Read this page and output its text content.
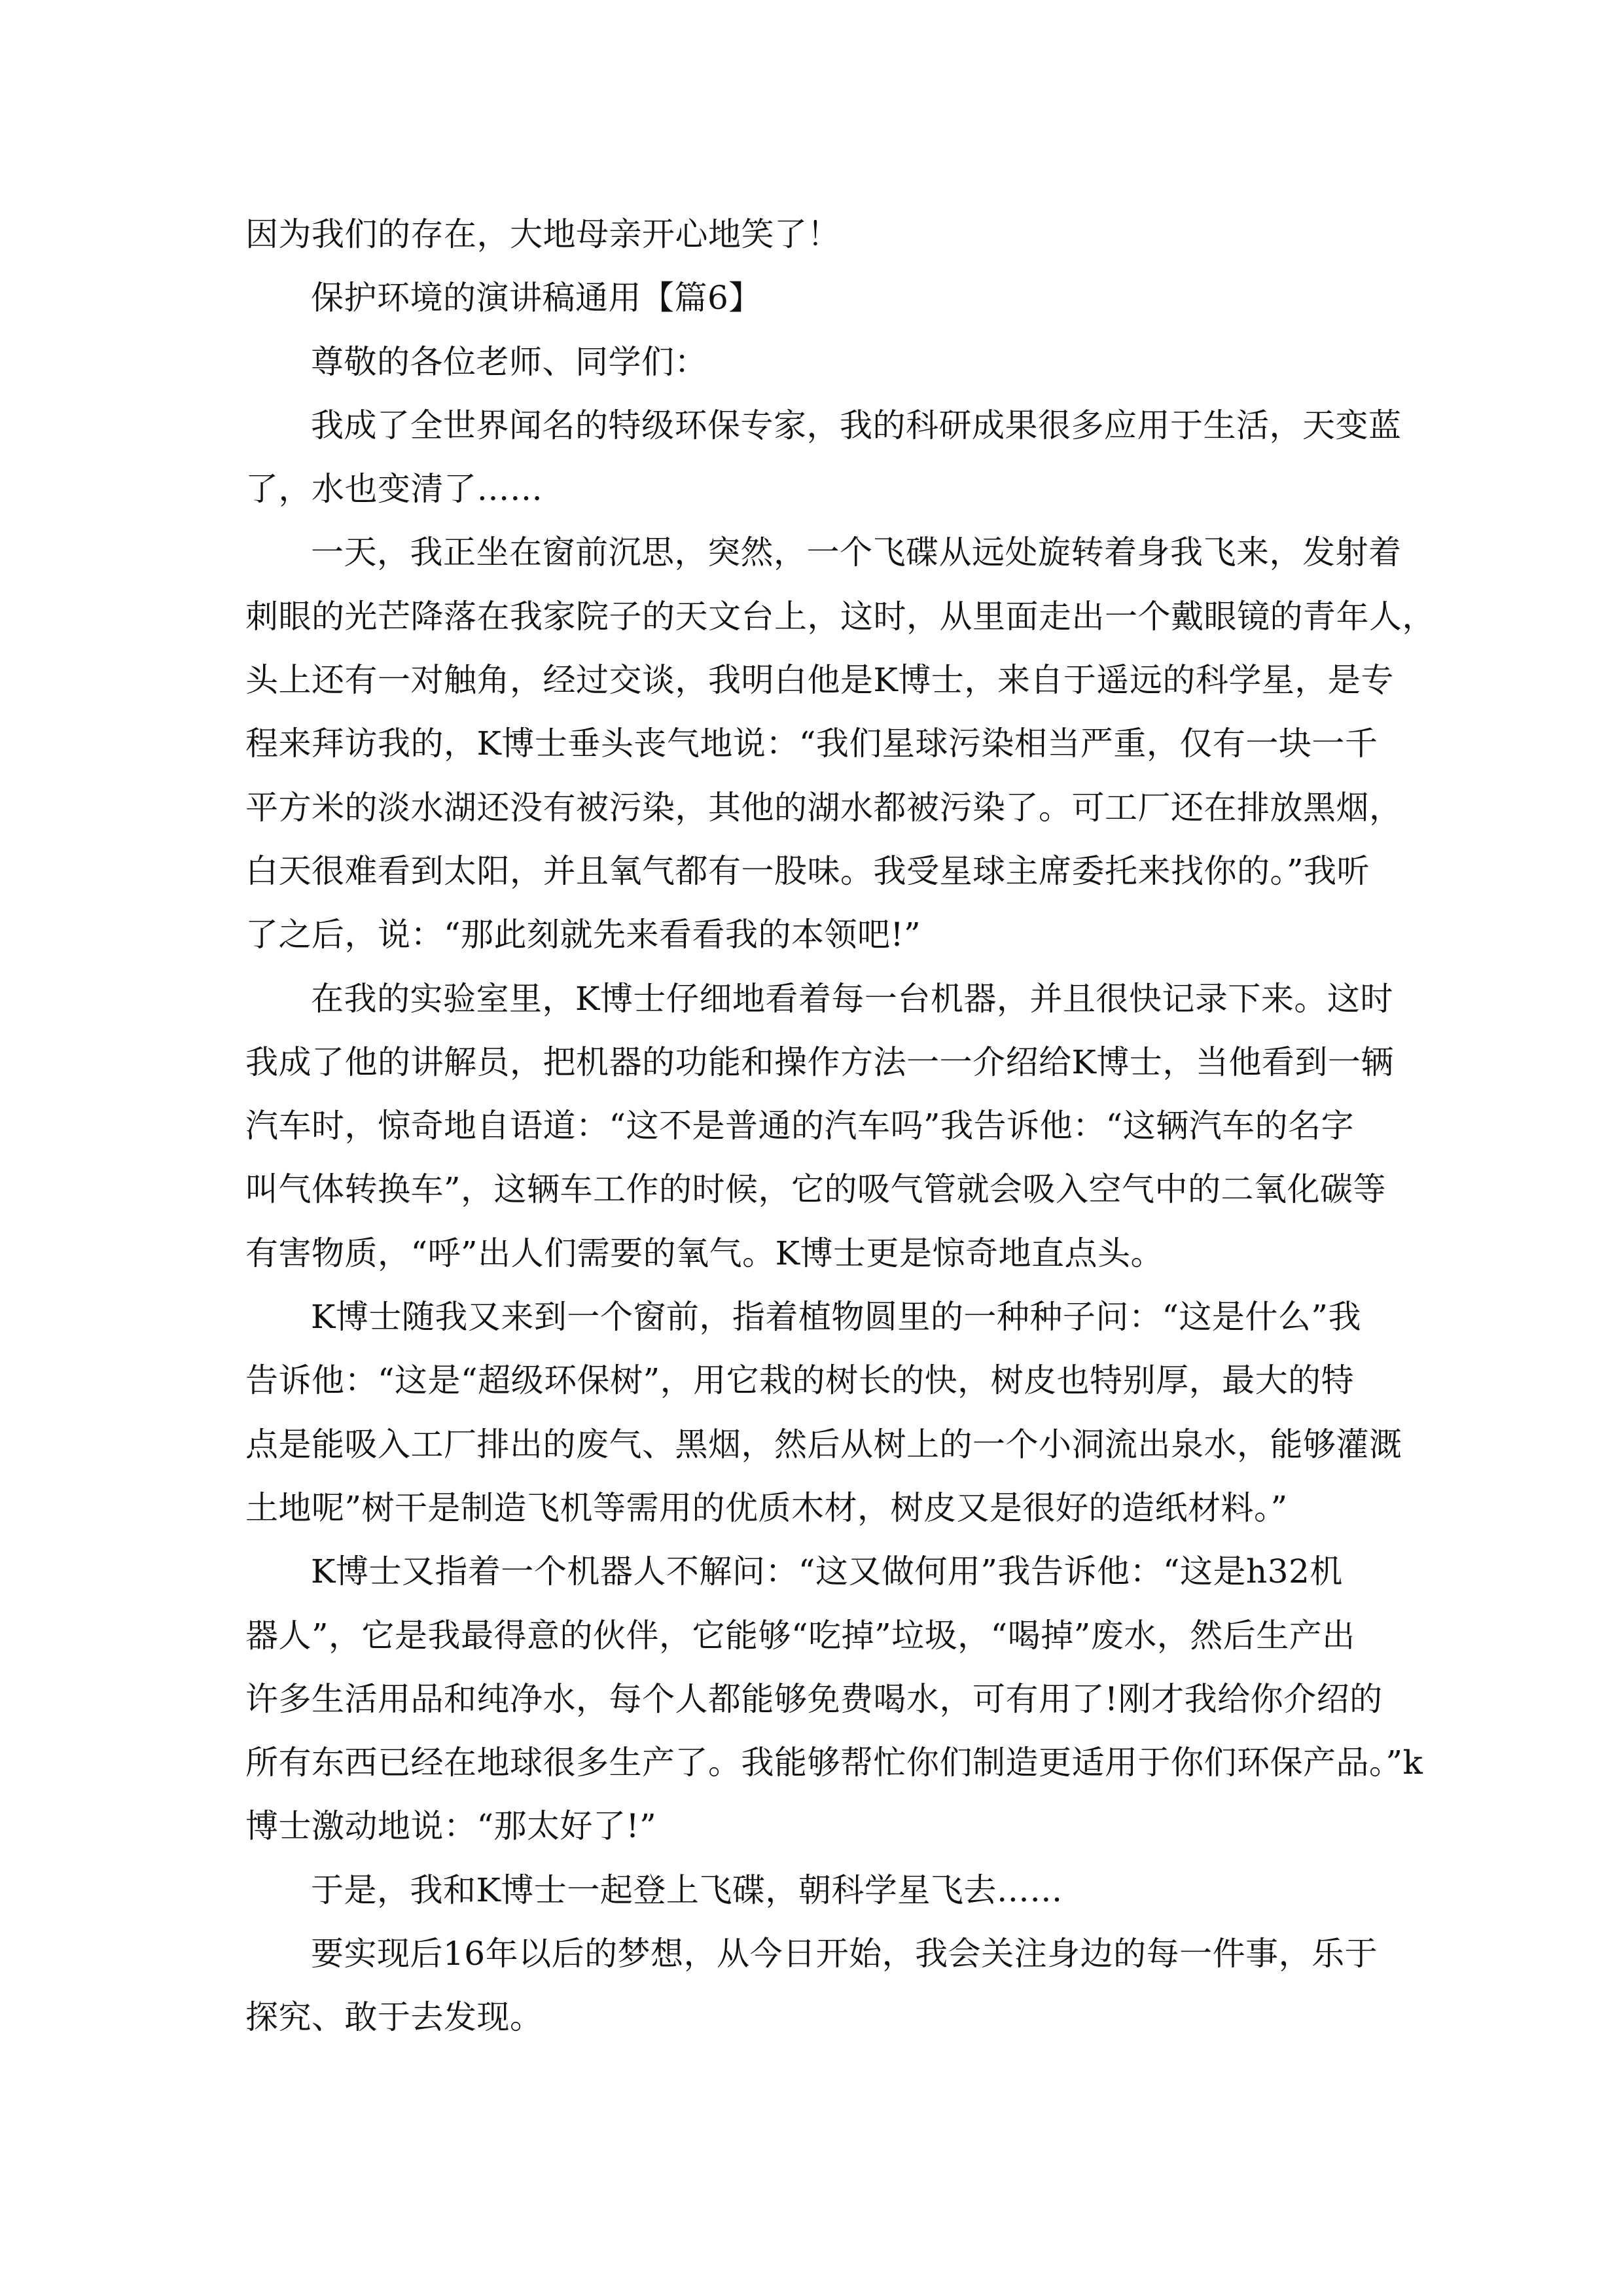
因为我们的存在，大地母亲开心地笑了！
保护环境的演讲稿通用【篇6】
尊敬的各位老师、同学们：
我成了全世界闻名的特级环保专家，我的科研成果很多应用于生活，天变蓝
了，水也变清了……
一天，我正坐在窗前沉思，突然，一个飞碟从远处旋转着身我飞来，发射着
刺眼的光芒降落在我家院子的天文台上，这时，从里面走出一个戴眼镜的青年人，
头上还有一对触角，经过交谈，我明白他是K博士，来自于遥远的科学星，是专
程来拜访我的，K博士垂头丧气地说：“我们星球污染相当严重，仅有一块一千
平方米的淡水湖还没有被污染，其他的湖水都被污染了。可工厂还在排放黑烟，
白天很难看到太阳，并且氧气都有一股味。我受星球主席委托来找你的。”我听
了之后，说：“那此刻就先来看看我的本领吧!”
在我的实验室里，K博士仔细地看着每一台机器，并且很快记录下来。这时
我成了他的讲解员，把机器的功能和操作方法一一介绍给K博士，当他看到一辆
汽车时，惊奇地自语道：“这不是普通的汽车吗”我告诉他：“这辆汽车的名字
叫气体转换车”，这辆车工作的时候，它的吸气管就会吸入空气中的二氧化碳等
有害物质，“呼”出人们需要的氧气。K博士更是惊奇地直点头。
K博士随我又来到一个窗前，指着植物圆里的一种种子问：“这是什么”我
告诉他：“这是“超级环保树”，用它栽的树长的快，树皮也特别厚，最大的特
点是能吸入工厂排出的废气、黑烟，然后从树上的一个小洞流出泉水，能够灌溉
土地呢”树干是制造飞机等需用的优质木材，树皮又是很好的造纸材料。”
K博士又指着一个机器人不解问：“这又做何用”我告诉他：“这是h32机
器人”，它是我最得意的伙伴，它能够“吃掉”垃圾，“喝掉”废水，然后生产出
许多生活用品和纯净水，每个人都能够免费喝水，可有用了!刚才我给你介绍的
所有东西已经在地球很多生产了。我能够帮忙你们制造更适用于你们环保产品。”k
博士激动地说：“那太好了!”
于是，我和K博士一起登上飞碟，朝科学星飞去……
要实现后16年以后的梦想，从今日开始，我会关注身边的每一件事，乐于
探究、敢于去发现。
